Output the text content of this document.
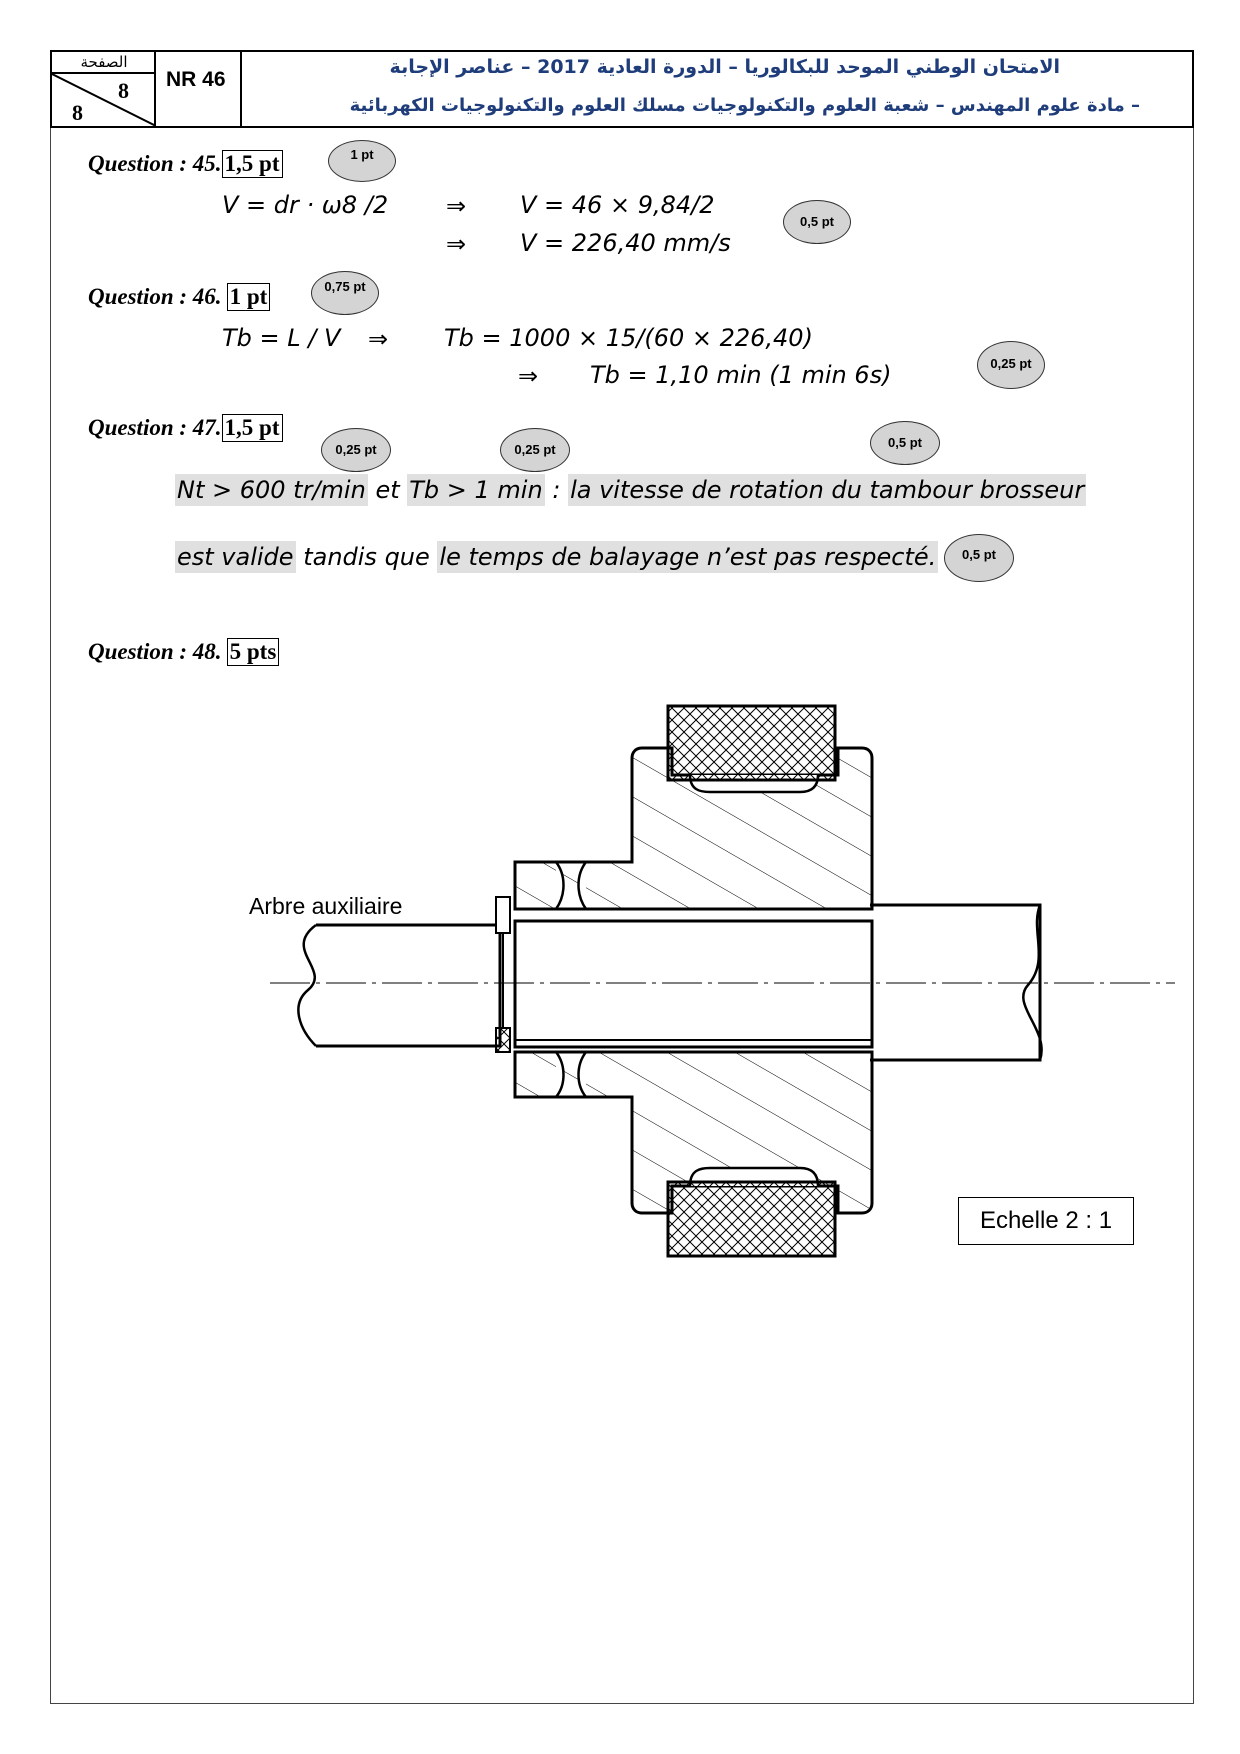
الصفحة
8
8
NR 46
الامتحان الوطني الموحد للبكالوريا – الدورة العادية 2017 – عناصر الإجابة
– مادة علوم المهندس – شعبة العلوم والتكنولوجيات مسلك العلوم والتكنولوجيات الكهربائية
Question : 45. 1,5 pt	1 pt
V = dr · ω8 /2 ⇒ V = 46 × 9,84/2
⇒ V = 226,40 mm/s
0,5 pt
Question : 46. 1 pt	0,75 pt
Tb = L / V ⇒ Tb = 1000 × 15/(60 × 226,40)
⇒ Tb = 1,10 min (1 min 6s)	0,25 pt
Question : 47. 1,5 pt
0,25 pt	0,25 pt	0,5 pt
Nt > 600 tr/min et Tb > 1 min : la vitesse de rotation du tambour brosseur
est valide tandis que le temps de balayage n’est pas respecté.	0,5 pt
Question : 48. 5 pts
Arbre auxiliaire
Echelle 2 : 1
